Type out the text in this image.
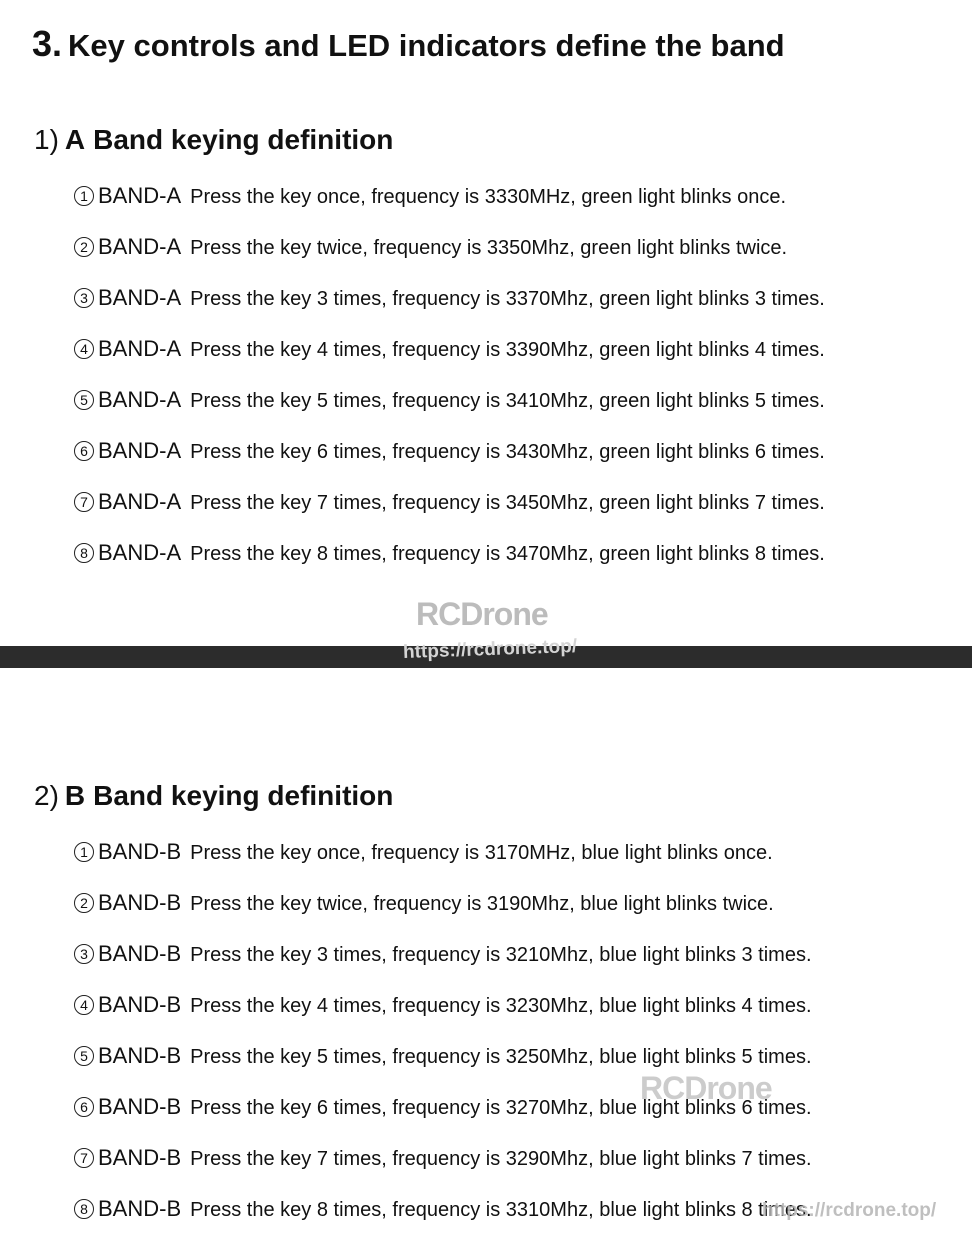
3. Key controls and LED indicators define the band
1) A Band keying definition
1 BAND-A Press the key once, frequency is 3330MHz, green light blinks once.
2 BAND-A Press the key twice, frequency is 3350Mhz, green light blinks twice.
3 BAND-A Press the key 3 times, frequency is 3370Mhz, green light blinks 3 times.
4 BAND-A Press the key 4 times, frequency is 3390Mhz, green light blinks 4 times.
5 BAND-A Press the key 5 times, frequency is 3410Mhz, green light blinks 5 times.
6 BAND-A Press the key 6 times, frequency is 3430Mhz, green light blinks 6 times.
7 BAND-A Press the key 7 times, frequency is 3450Mhz, green light blinks 7 times.
8 BAND-A Press the key 8 times, frequency is 3470Mhz, green light blinks 8 times.
RCDrone
https://rcdrone.top/
2) B Band keying definition
1 BAND-B Press the key once, frequency is 3170MHz, blue light blinks once.
2 BAND-B Press the key twice, frequency is 3190Mhz, blue light blinks twice.
3 BAND-B Press the key 3 times, frequency is 3210Mhz, blue light blinks 3 times.
4 BAND-B Press the key 4 times, frequency is 3230Mhz, blue light blinks 4 times.
5 BAND-B Press the key 5 times, frequency is 3250Mhz, blue light blinks 5 times.
6 BAND-B Press the key 6 times, frequency is 3270Mhz, blue light blinks 6 times.
7 BAND-B Press the key 7 times, frequency is 3290Mhz, blue light blinks 7 times.
8 BAND-B Press the key 8 times, frequency is 3310Mhz, blue light blinks 8 times.
RCDrone
https://rcdrone.top/
